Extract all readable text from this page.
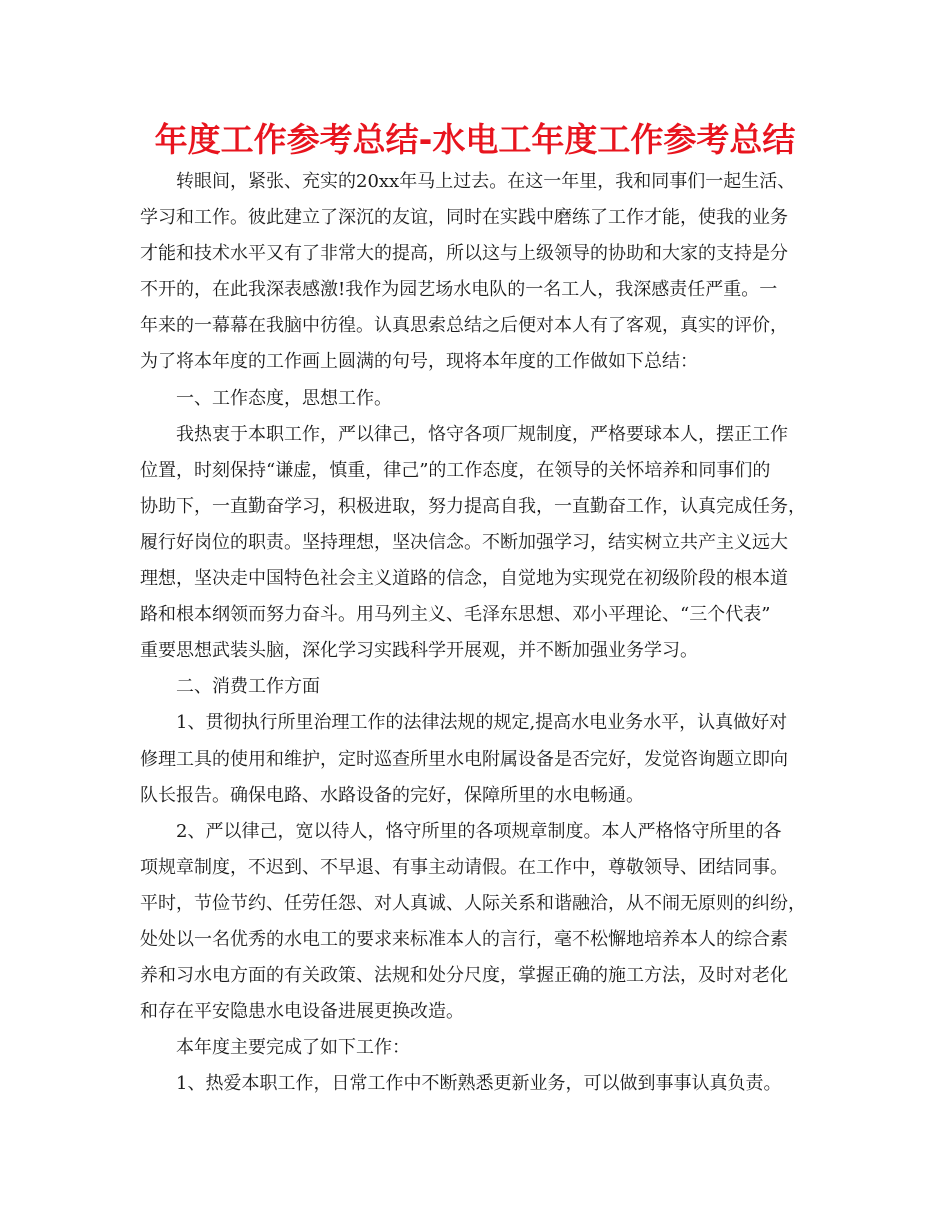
年度工作参考总结-水电工年度工作参考总结

转眼间，紧张、充实的20xx年马上过去。在这一年里，我和同事们一起生活、

学习和工作。彼此建立了深沉的友谊，同时在实践中磨练了工作才能，使我的业务

才能和技术水平又有了非常大的提高，所以这与上级领导的协助和大家的支持是分

不开的，在此我深表感激!我作为园艺场水电队的一名工人，我深感责任严重。一

年来的一幕幕在我脑中彷徨。认真思索总结之后便对本人有了客观，真实的评价，

为了将本年度的工作画上圆满的句号，现将本年度的工作做如下总结：

一、工作态度，思想工作。

我热衷于本职工作，严以律己，恪守各项厂规制度，严格要球本人，摆正工作

位置，时刻保持“谦虚，慎重，律己”的工作态度，在领导的关怀培养和同事们的

协助下，一直勤奋学习，积极进取，努力提高自我，一直勤奋工作，认真完成任务，

履行好岗位的职责。坚持理想，坚决信念。不断加强学习，结实树立共产主义远大

理想，坚决走中国特色社会主义道路的信念，自觉地为实现党在初级阶段的根本道

路和根本纲领而努力奋斗。用马列主义、毛泽东思想、邓小平理论、“三个代表”

重要思想武装头脑，深化学习实践科学开展观，并不断加强业务学习。

二、消费工作方面

1、贯彻执行所里治理工作的法律法规的规定,提高水电业务水平，认真做好对

修理工具的使用和维护，定时巡查所里水电附属设备是否完好，发觉咨询题立即向

队长报告。确保电路、水路设备的完好，保障所里的水电畅通。

2、严以律己，宽以待人，恪守所里的各项规章制度。本人严格恪守所里的各

项规章制度，不迟到、不早退、有事主动请假。在工作中，尊敬领导、团结同事。

平时，节俭节约、任劳任怨、对人真诚、人际关系和谐融洽，从不闹无原则的纠纷，

处处以一名优秀的水电工的要求来标准本人的言行，毫不松懈地培养本人的综合素

养和习水电方面的有关政策、法规和处分尺度，掌握正确的施工方法，及时对老化

和存在平安隐患水电设备进展更换改造。

本年度主要完成了如下工作：

1、热爱本职工作，日常工作中不断熟悉更新业务，可以做到事事认真负责。
